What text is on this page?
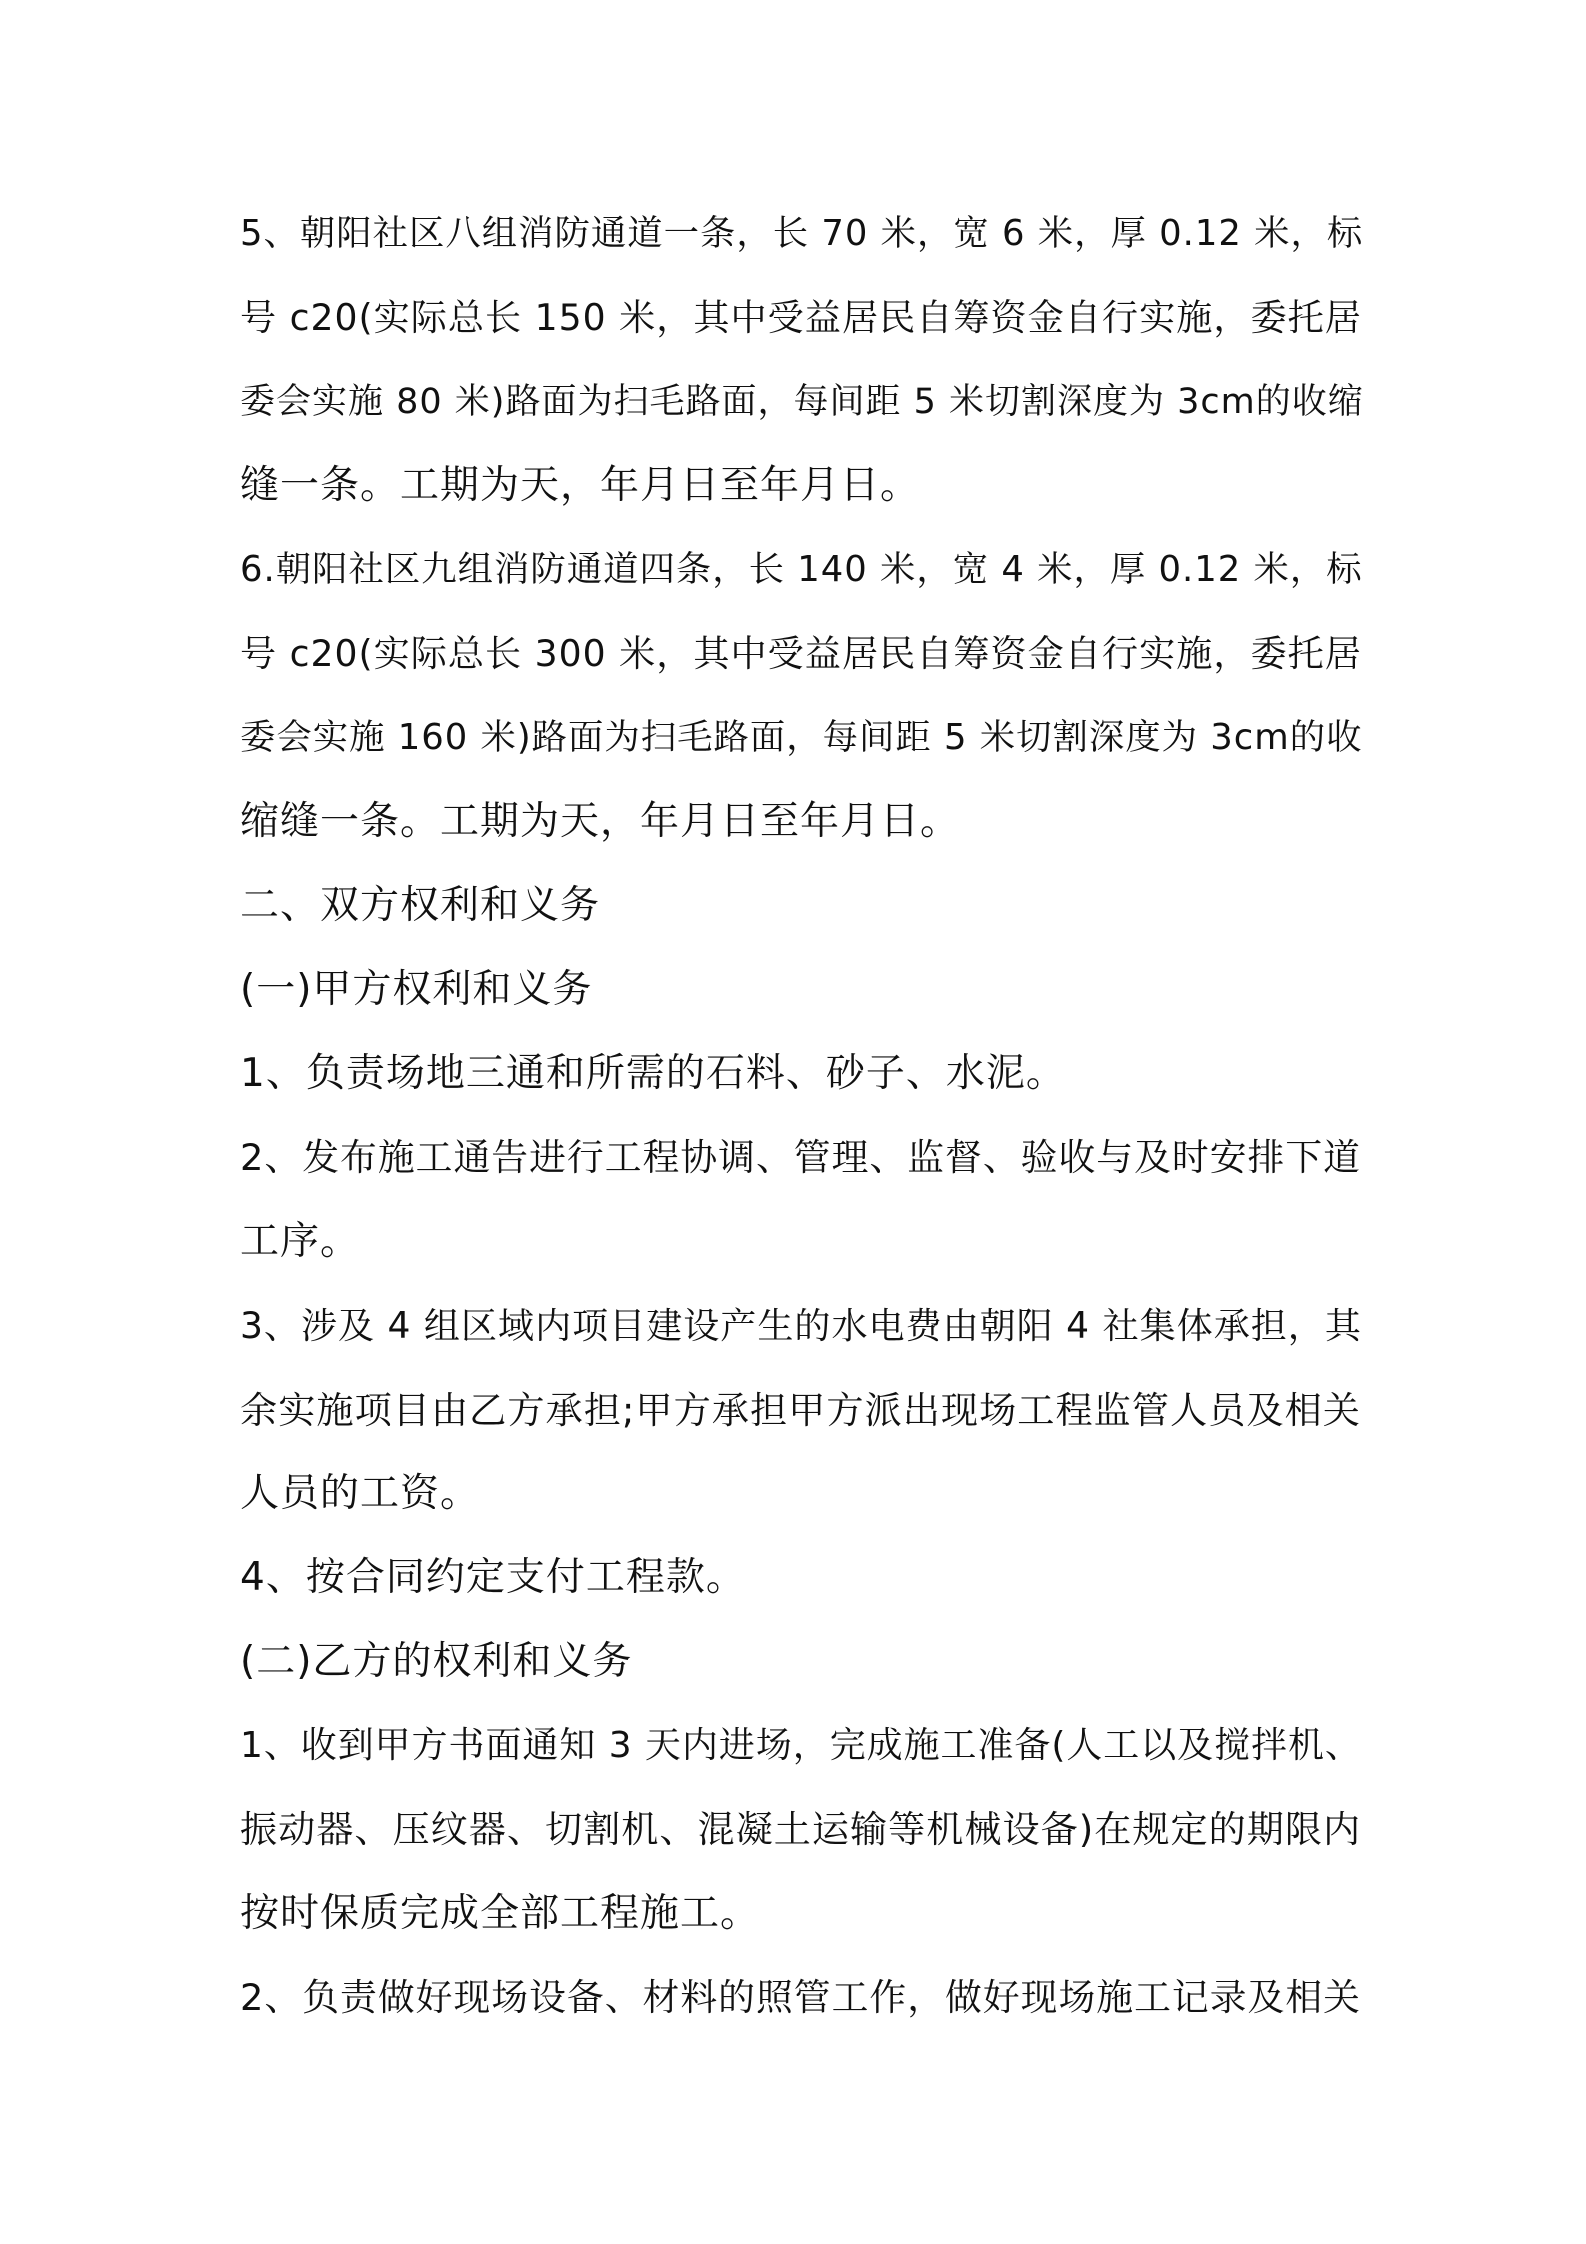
5、朝阳社区八组消防通道一条，长 70 米，宽 6 米，厚 0.12 米，标
号 c20(实际总长 150 米，其中受益居民自筹资金自行实施，委托居
委会实施 80 米)路面为扫毛路面，每间距 5 米切割深度为 3cm的收缩
缝一条。工期为天，年月日至年月日。
6.朝阳社区九组消防通道四条，长 140 米，宽 4 米，厚 0.12 米，标
号 c20(实际总长 300 米，其中受益居民自筹资金自行实施，委托居
委会实施 160 米)路面为扫毛路面，每间距 5 米切割深度为 3cm的收
缩缝一条。工期为天，年月日至年月日。
二、双方权利和义务
(一)甲方权利和义务
1、负责场地三通和所需的石料、砂子、水泥。
2、发布施工通告进行工程协调、管理、监督、验收与及时安排下道
工序。
3、涉及 4 组区域内项目建设产生的水电费由朝阳 4 社集体承担，其
余实施项目由乙方承担;甲方承担甲方派出现场工程监管人员及相关
人员的工资。
4、按合同约定支付工程款。
(二)乙方的权利和义务
1、收到甲方书面通知 3 天内进场，完成施工准备(人工以及搅拌机、
振动器、压纹器、切割机、混凝土运输等机械设备)在规定的期限内
按时保质完成全部工程施工。
2、负责做好现场设备、材料的照管工作，做好现场施工记录及相关
